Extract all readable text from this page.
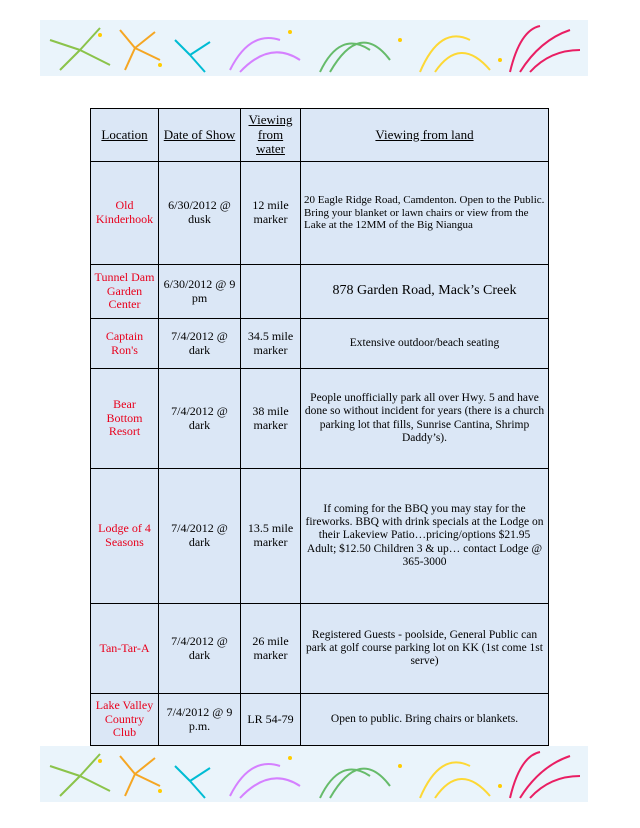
Location	Date of Show	Viewing from water	Viewing from land
Old Kinderhook	6/30/2012 @ dusk	12 mile marker	20 Eagle Ridge Road, Camdenton. Open to the Public. Bring your blanket or lawn chairs or view from the Lake at the 12MM of the Big Niangua
Tunnel Dam Garden Center	6/30/2012 @ 9 pm		878 Garden Road, Mack’s Creek
Captain Ron's	7/4/2012 @ dark	34.5 mile marker	Extensive outdoor/beach seating
Bear Bottom Resort	7/4/2012 @ dark	38 mile marker	People unofficially park all over Hwy. 5 and have done so without incident for years (there is a church parking lot that fills, Sunrise Cantina, Shrimp Daddy’s).
Lodge of 4 Seasons	7/4/2012 @ dark	13.5 mile marker	If coming for the BBQ you may stay for the fireworks. BBQ with drink specials at the Lodge on their Lakeview Patio…pricing/options $21.95 Adult; $12.50 Children 3 & up… contact Lodge @ 365-3000
Tan-Tar-A	7/4/2012 @ dark	26 mile marker	Registered Guests - poolside, General Public can park at golf course parking lot on KK (1st come 1st serve)
Lake Valley Country Club	7/4/2012 @ 9 p.m.	LR 54-79	Open to public. Bring chairs or blankets.
